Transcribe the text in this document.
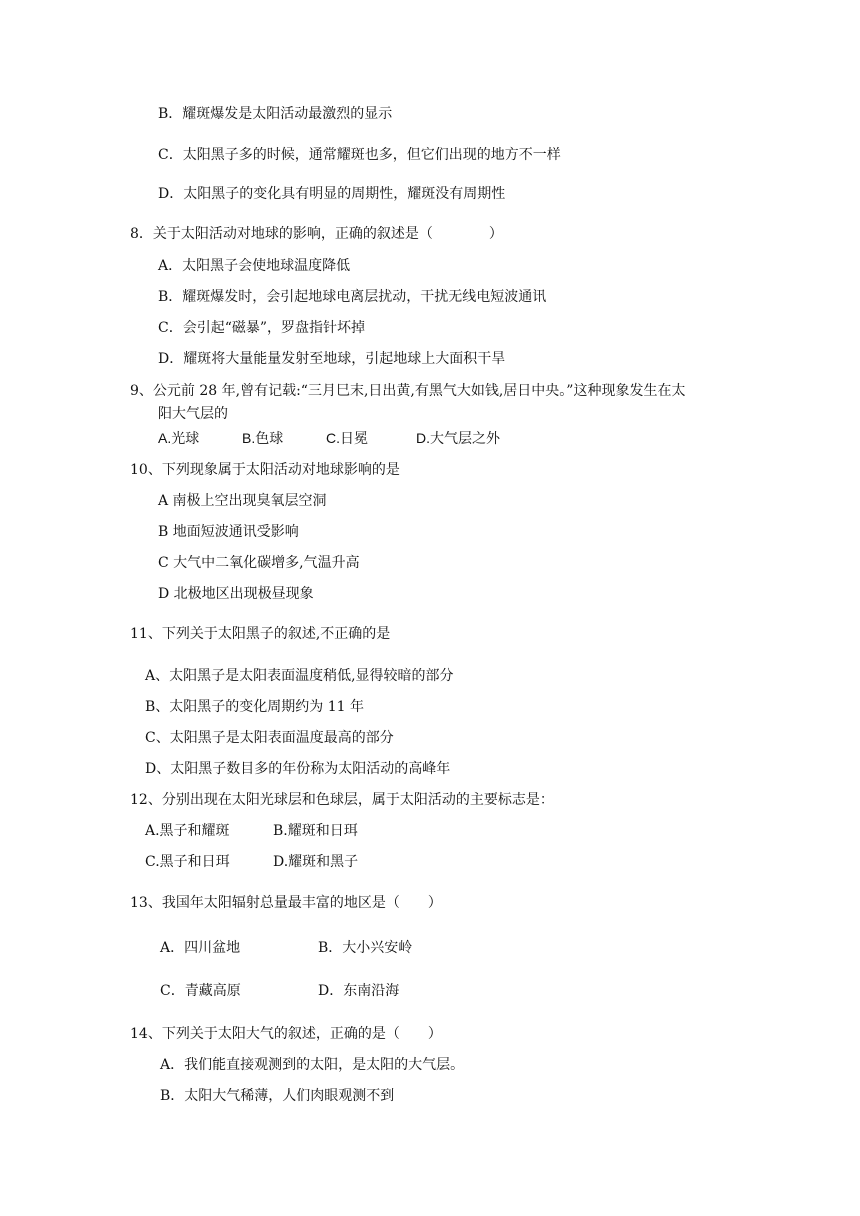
B．耀斑爆发是太阳活动最激烈的显示
C．太阳黑子多的时候，通常耀斑也多，但它们出现的地方不一样
D．太阳黑子的变化具有明显的周期性，耀斑没有周期性
8．关于太阳活动对地球的影响，正确的叙述是（　　　　）
A．太阳黑子会使地球温度降低
B．耀斑爆发时，会引起地球电离层扰动，干扰无线电短波通讯
C．会引起“磁暴”，罗盘指针坏掉
D．耀斑将大量能量发射至地球，引起地球上大面积干旱
9、公元前 28 年,曾有记载:“三月巳末,日出黄,有黑气大如钱,居日中央。”这种现象发生在太
阳大气层的
A.光球	B.色球	C.日冕	D.大气层之外
10、下列现象属于太阳活动对地球影响的是
A 南极上空出现臭氧层空洞
B 地面短波通讯受影响
C 大气中二氧化碳增多,气温升高
D 北极地区出现极昼现象
11、下列关于太阳黑子的叙述,不正确的是
A、太阳黑子是太阳表面温度稍低,显得较暗的部分
B、太阳黑子的变化周期约为 11 年
C、太阳黑子是太阳表面温度最高的部分
D、太阳黑子数目多的年份称为太阳活动的高峰年
12、分别出现在太阳光球层和色球层，属于太阳活动的主要标志是：
A.黑子和耀斑	B.耀斑和日珥
C.黑子和日珥	D.耀斑和黑子
13、我国年太阳辐射总量最丰富的地区是（　　）
A．四川盆地	B．大小兴安岭
C．青藏高原	D．东南沿海
14、下列关于太阳大气的叙述，正确的是（　　）
A．我们能直接观测到的太阳，是太阳的大气层。
B．太阳大气稀薄，人们肉眼观测不到
